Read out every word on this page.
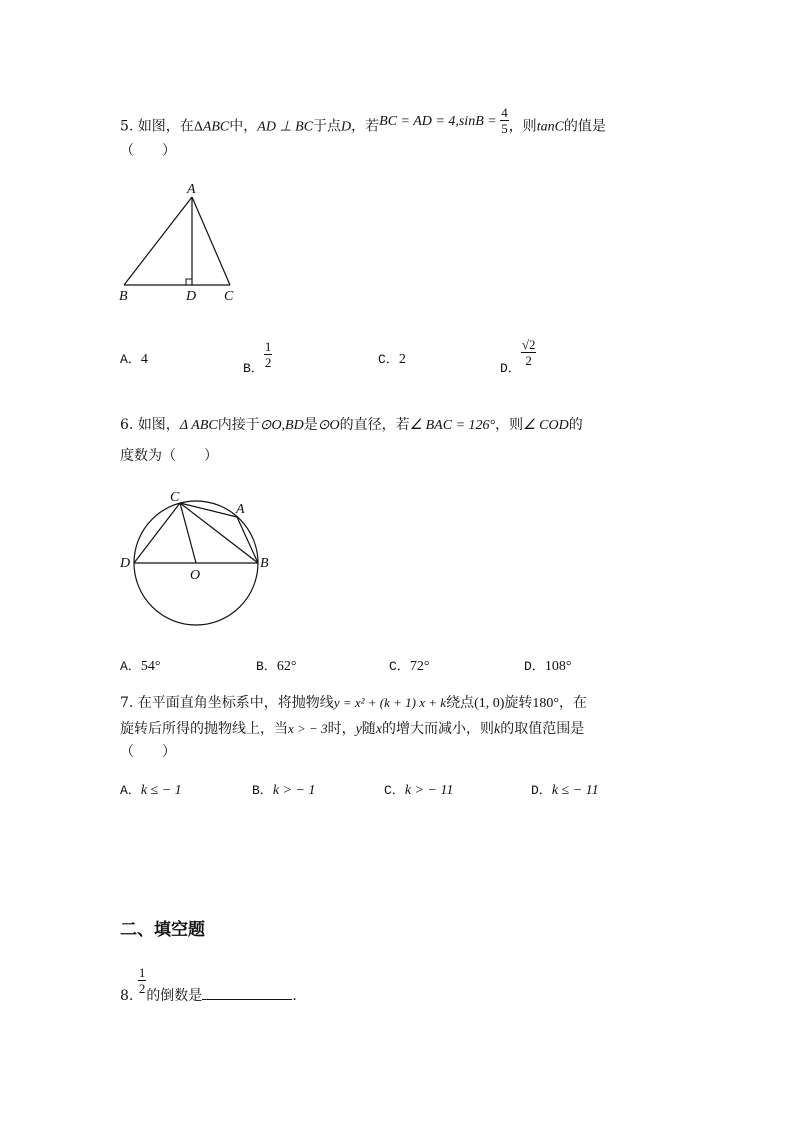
5. 如图，在ΔABC中，AD ⊥ BC于点D，若BC = AD = $4,\sin B = \frac{4}{5}$ ，则tanC的值是
（　　）
A
B	D C
A．4
B． $\frac{1}{2}$	C．2
D．
$\frac{√2}{2}$
6. 如图，Δ ABC内接于⊙O,BD是⊙O的直径，若∠ BAC = 126°，则∠ COD的
度数为（　　）
C
A
D	B
O
A．54°	B．62°	C．72°	D．108°
7. 在平面直角坐标系中，将抛物线y = x² + (k + 1) x + k绕点(1, 0)旋转180°，在
旋转后所得的抛物线上，当x > − 3时，y随x的增大而减小，则k的取值范围是
（　　）
A．k ≤ − 1	B．k > − 1	C．k > − 11	D．k ≤ − 11
二、填空题
8.
$\frac{1}{2}$
的倒数是	.
